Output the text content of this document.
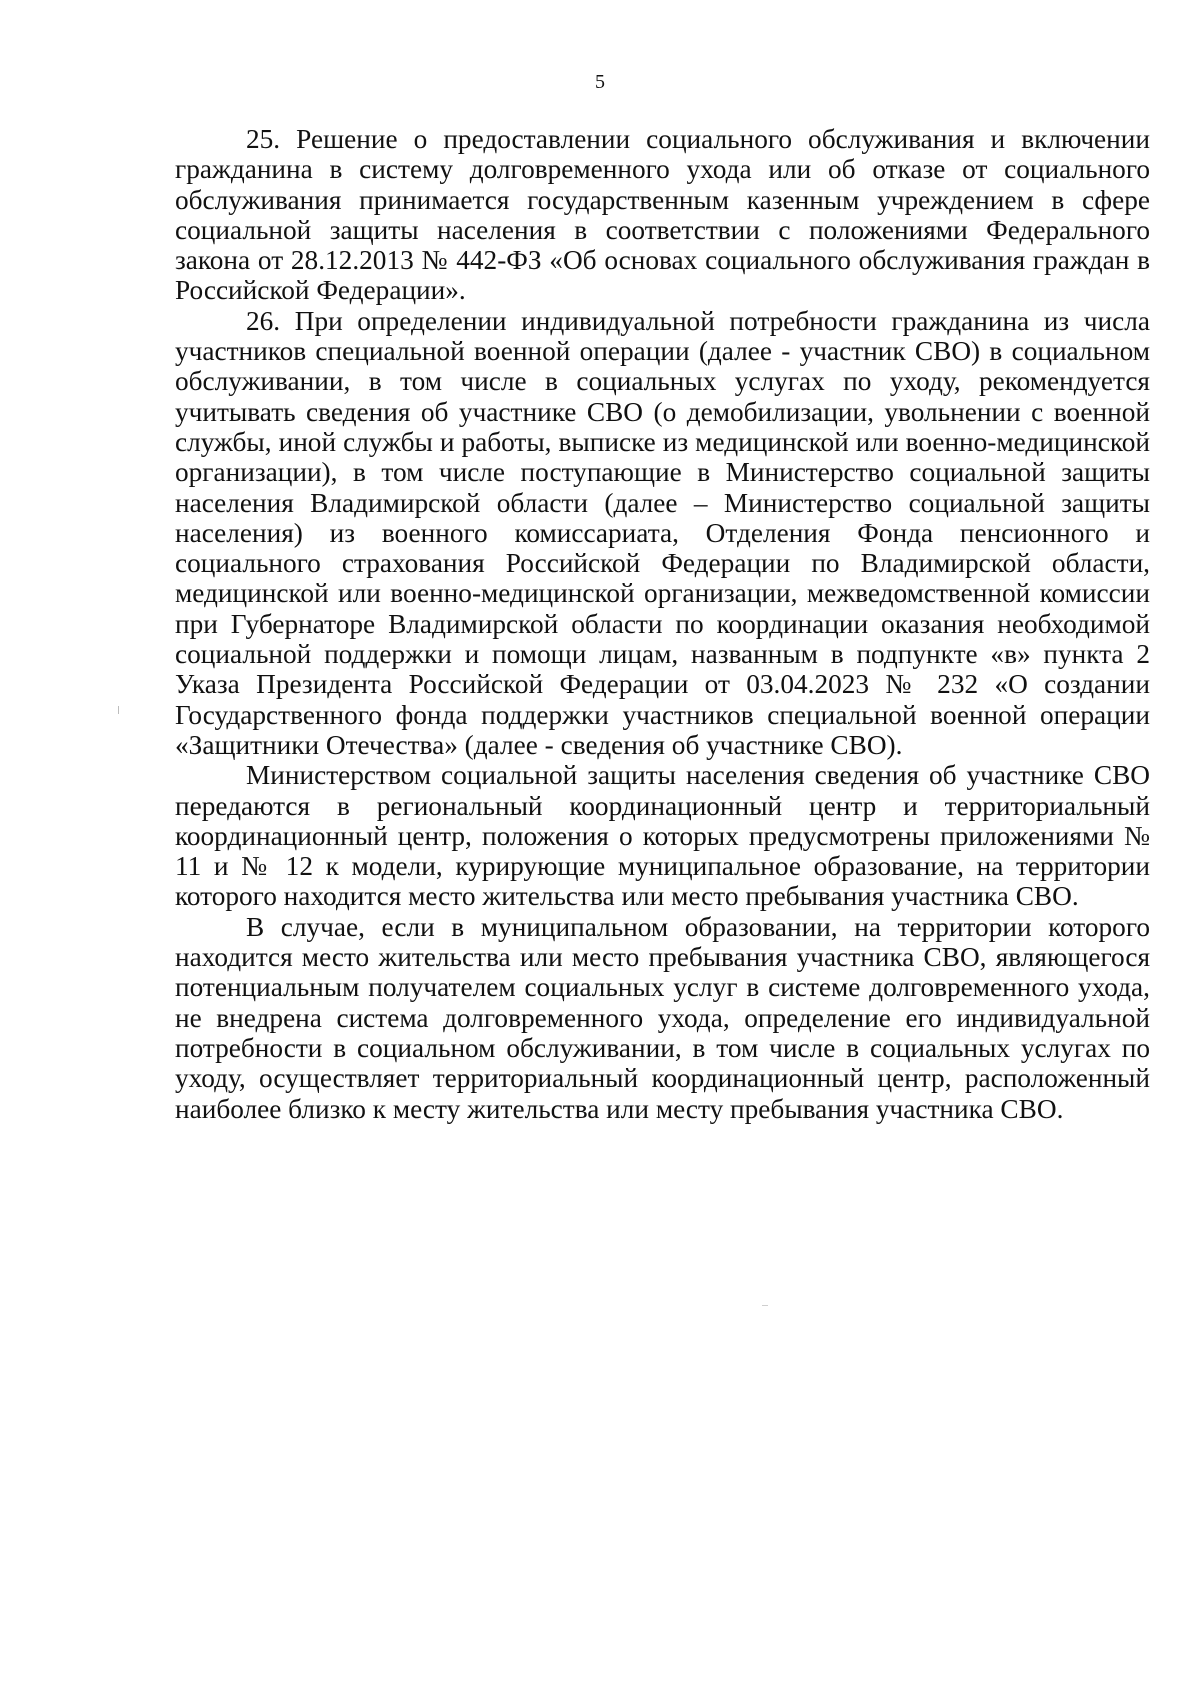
5

25. Решение о предоставлении социального обслуживания и включении гражданина в систему долговременного ухода или об отказе от социального обслуживания принимается государственным казенным учреждением в сфере социальной защиты населения в соответствии с положениями Федерального закона от 28.12.2013 № 442-ФЗ «Об основах социального обслуживания граждан в Российской Федерации».

26. При определении индивидуальной потребности гражданина из числа участников специальной военной операции (далее - участник СВО) в социальном обслуживании, в том числе в социальных услугах по уходу, рекомендуется учитывать сведения об участнике СВО (о демобилизации, увольнении с военной службы, иной службы и работы, выписке из медицинской или военно-медицинской организации), в том числе поступающие в Министерство социальной защиты населения Владимирской области (далее – Министерство социальной защиты населения) из военного комиссариата, Отделения Фонда пенсионного и социального страхования Российской Федерации по Владимирской области, медицинской или военно-медицинской организации, межведомственной комиссии при Губернаторе Владимирской области по координации оказания необходимой социальной поддержки и помощи лицам, названным в подпункте «в» пункта 2 Указа Президента Российской Федерации от 03.04.2023 № 232 «О создании Государственного фонда поддержки участников специальной военной операции «Защитники Отечества» (далее - сведения об участнике СВО).

Министерством социальной защиты населения сведения об участнике СВО передаются в региональный координационный центр и территориальный координационный центр, положения о которых предусмотрены приложениями № 11 и № 12 к модели, курирующие муниципальное образование, на территории которого находится место жительства или место пребывания участника СВО.

В случае, если в муниципальном образовании, на территории которого находится место жительства или место пребывания участника СВО, являющегося потенциальным получателем социальных услуг в системе долговременного ухода, не внедрена система долговременного ухода, определение его индивидуальной потребности в социальном обслуживании, в том числе в социальных услугах по уходу, осуществляет территориальный координационный центр, расположенный наиболее близко к месту жительства или месту пребывания участника СВО.
